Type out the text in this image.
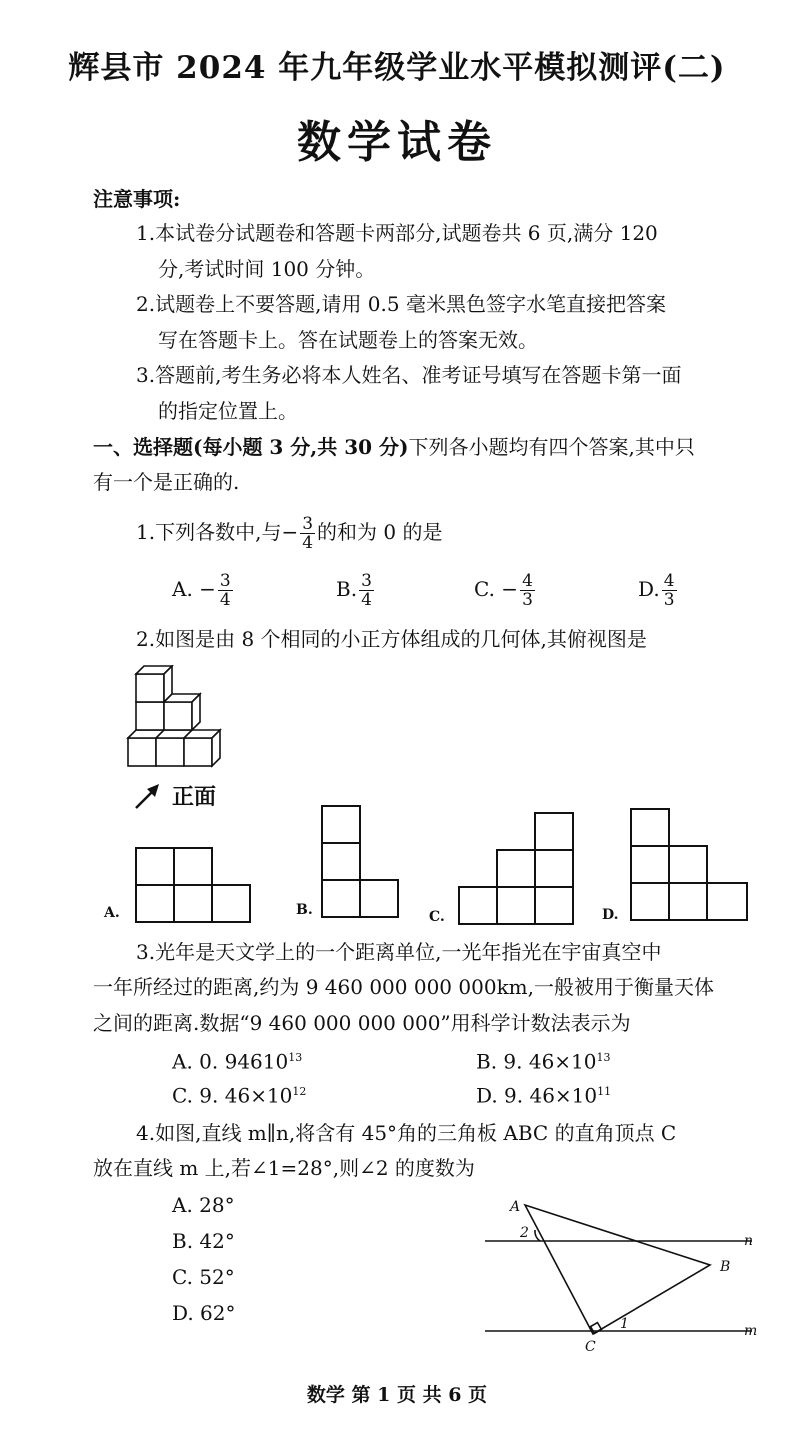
辉县市 2024 年九年级学业水平模拟测评(二)
数学试卷
注意事项:
1.本试卷分试题卷和答题卡两部分,试题卷共 6 页,满分 120
分,考试时间 100 分钟。
2.试题卷上不要答题,请用 0.5 毫米黑色签字水笔直接把答案
写在答题卡上。答在试题卷上的答案无效。
3.答题前,考生务必将本人姓名、准考证号填写在答题卡第一面
的指定位置上。
一、选择题(每小题 3 分,共 30 分)下列各小题均有四个答案,其中只
有一个是正确的.
1.下列各数中,与− $\frac{3}{4}$ 的和为 0 的是
A. − $\frac{3}{4}$	B. $\frac{3}{4}$	C. − $\frac{4}{3}$	D. $\frac{4}{3}$
2.如图是由 8 个相同的小正方体组成的几何体,其俯视图是
正面
A.	B.	C.	D.
3.光年是天文学上的一个距离单位,一光年指光在宇宙真空中
一年所经过的距离,约为 9 460 000 000 000km,一般被用于衡量天体
之间的距离.数据“9 460 000 000 000”用科学计数法表示为
A. 0. 94610$^{13}$	B. 9. $46\times 10^{13}$
C. 9. $46\times 10^{12}$	D. 9. $46\times 10^{11}$
4.如图,直线 m∥n,将含有 45°角的三角板 ABC 的直角顶点 C
放在直线 m 上,若∠1=28°,则∠2 的度数为
A. 28°
B. 42°
C. 52°
D. 62°
A
2
B
C
1
n
m
数学 第 1 页 共 6 页
